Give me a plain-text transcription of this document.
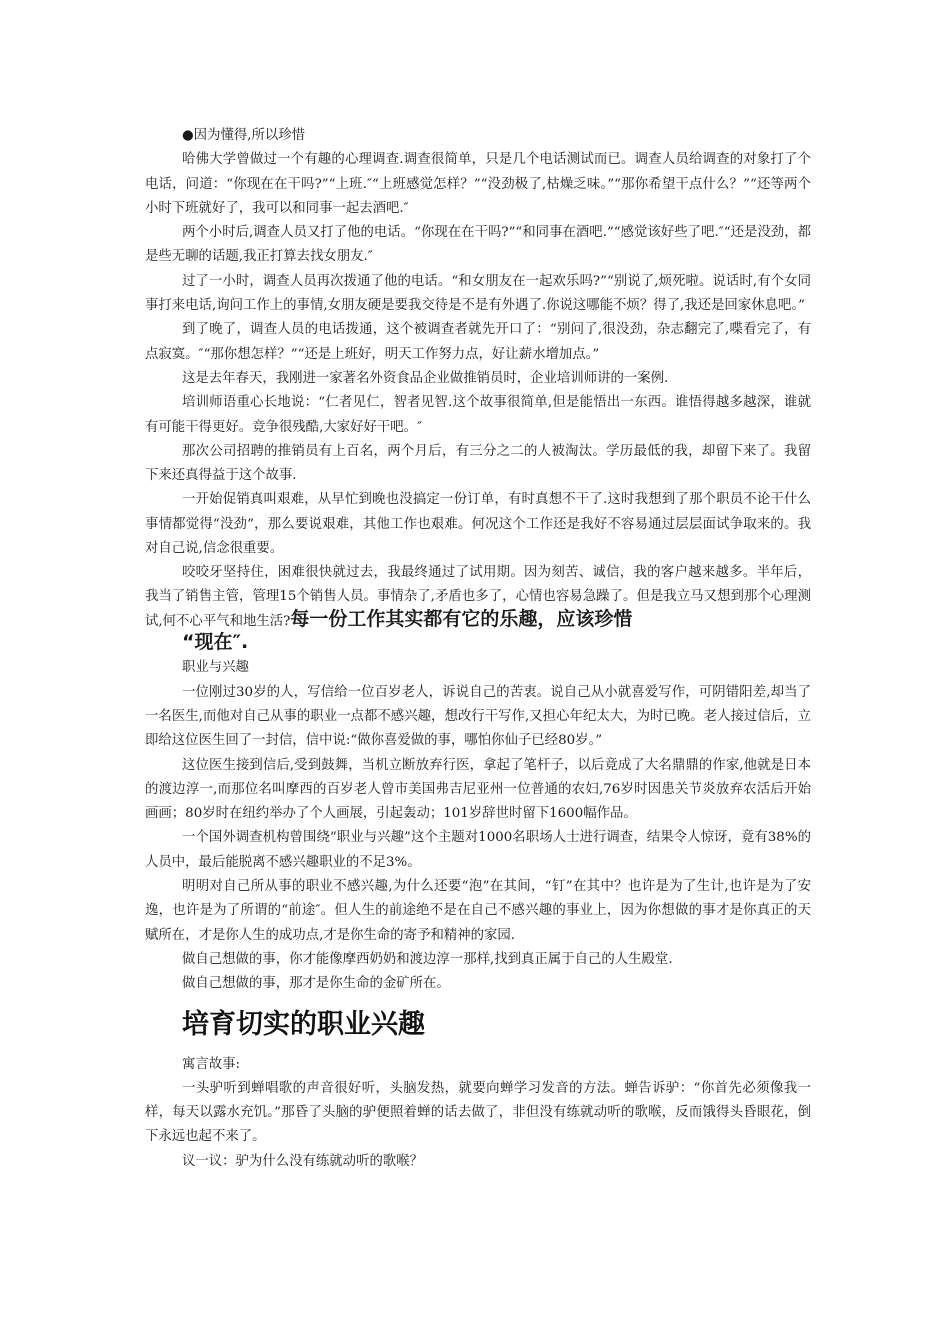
●因为懂得,所以珍惜

哈佛大学曾做过一个有趣的心理调查.调查很简单，只是几个电话测试而已。调查人员给调查的对象打了个电话，问道：“你现在在干吗?”“上班.″“上班感觉怎样？”“没劲极了,枯燥乏味。”“那你希望干点什么？”“还等两个小时下班就好了，我可以和同事一起去酒吧.″

两个小时后,调查人员又打了他的电话。“你现在在干吗?”“和同事在酒吧.”“感觉该好些了吧.″“还是没劲，都是些无聊的话题,我正打算去找女朋友.″

过了一小时，调查人员再次拨通了他的电话。“和女朋友在一起欢乐吗?”“别说了,烦死啦。说话时,有个女同事打来电话,询问工作上的事情,女朋友硬是要我交待是不是有外遇了.你说这哪能不烦？得了,我还是回家休息吧。”

到了晚了，调查人员的电话拨通，这个被调查者就先开口了：“别问了,很没劲，杂志翻完了,喋看完了，有点寂寞。″“那你想怎样？”“还是上班好，明天工作努力点，好让薪水增加点。”

这是去年春天，我刚进一家著名外资食品企业做推销员时，企业培训师讲的一案例.

培训师语重心长地说：“仁者见仁，智者见智.这个故事很简单,但是能悟出一东西。谁悟得越多越深，谁就有可能干得更好。竞争很残酷,大家好好干吧。″

那次公司招聘的推销员有上百名，两个月后，有三分之二的人被淘汰。学历最低的我，却留下来了。我留下来还真得益于这个故事.

一开始促销真叫艰难，从早忙到晚也没搞定一份订单，有时真想不干了.这时我想到了那个职员不论干什么事情都觉得“没劲”，那么要说艰难，其他工作也艰难。何况这个工作还是我好不容易通过层层面试争取来的。我对自己说,信念很重要。

咬咬牙坚持住，困难很快就过去，我最终通过了试用期。因为刻苦、诚信，我的客户越来越多。半年后，我当了销售主管，管理15个销售人员。事情杂了,矛盾也多了，心情也容易急躁了。但是我立马又想到那个心理测试,何不心平气和地生活?每一份工作其实都有它的乐趣，应该珍惜
“现在″.

职业与兴趣

一位刚过30岁的人，写信给一位百岁老人，诉说自己的苦衷。说自己从小就喜爱写作，可阴错阳差,却当了一名医生,而他对自己从事的职业一点都不感兴趣，想改行干写作,又担心年纪太大，为时已晚。老人接过信后，立即给这位医生回了一封信，信中说:“做你喜爱做的事，哪怕你仙子已经80岁。”

这位医生接到信后,受到鼓舞，当机立断放弃行医，拿起了笔杆子，以后竟成了大名鼎鼎的作家,他就是日本的渡边淳一,而那位名叫摩西的百岁老人曾市美国弗吉尼亚州一位普通的农妇,76岁时因患关节炎放弃农活后开始画画；80岁时在纽约举办了个人画展，引起轰动；101岁辞世时留下1600幅作品。

一个国外调查机构曾围绕“职业与兴趣”这个主题对1000名职场人士进行调查，结果令人惊讶，竟有38%的人员中，最后能脱离不感兴趣职业的不足3%。

明明对自己所从事的职业不感兴趣,为什么还要“泡”在其间，“钉”在其中？也许是为了生计,也许是为了安逸，也许是为了所谓的“前途″。但人生的前途绝不是在自己不感兴趣的事业上，因为你想做的事才是你真正的天赋所在，才是你人生的成功点,才是你生命的寄予和精神的家园.

做自己想做的事，你才能像摩西奶奶和渡边淳一那样,找到真正属于自己的人生殿堂.

做自己想做的事，那才是你生命的金矿所在。

培育切实的职业兴趣

寓言故事:

一头驴听到蝉唱歌的声音很好听，头脑发热，就要向蝉学习发音的方法。蝉告诉驴：“你首先必须像我一样，每天以露水充饥。”那昏了头脑的驴便照着蝉的话去做了，非但没有练就动听的歌喉，反而饿得头昏眼花，倒下永远也起不来了。

议一议：驴为什么没有练就动听的歌喉？
